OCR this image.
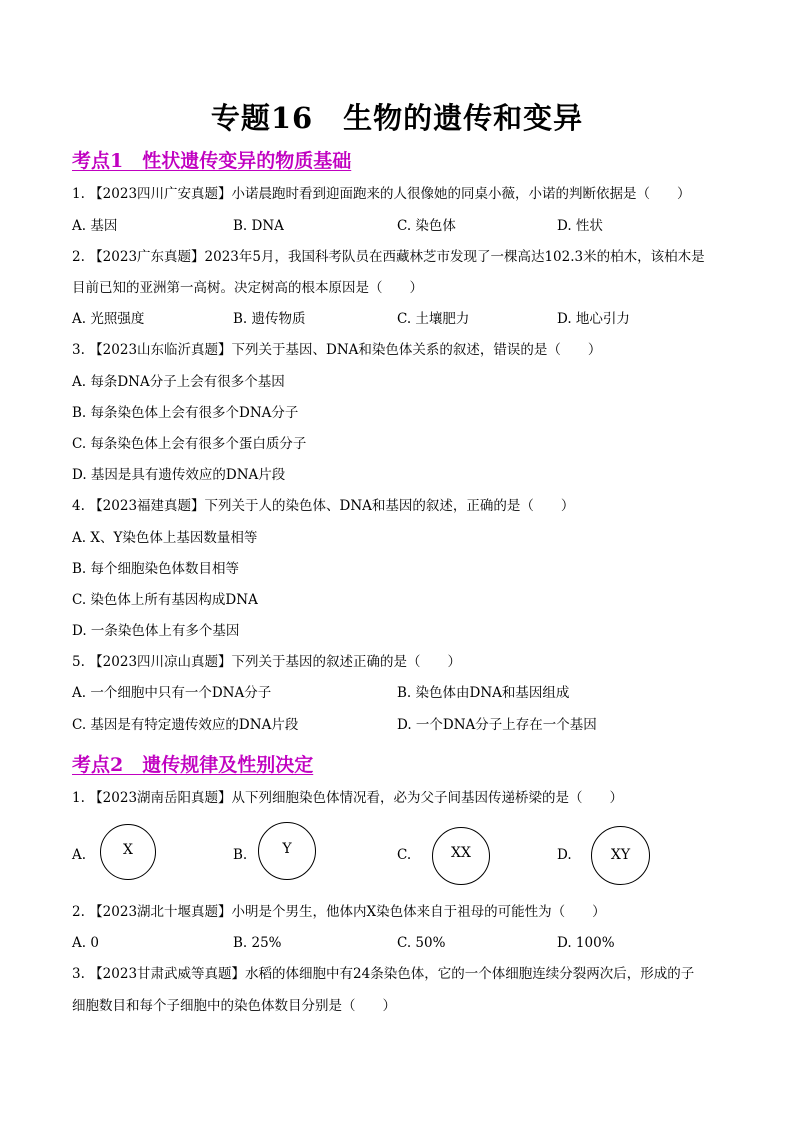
专题16　生物的遗传和变异
考点1　性状遗传变异的物质基础
1. 【2023四川广安真题】小诺晨跑时看到迎面跑来的人很像她的同桌小薇，小诺的判断依据是（　　）
A. 基因	B. DNA	C. 染色体	D. 性状
2. 【2023广东真题】2023年5月，我国科考队员在西藏林芝市发现了一棵高达102.3米的柏木，该柏木是
目前已知的亚洲第一高树。决定树高的根本原因是（　　）
A. 光照强度	B. 遗传物质	C. 土壤肥力	D. 地心引力
3. 【2023山东临沂真题】下列关于基因、DNA和染色体关系的叙述，错误的是（　　）
A. 每条DNA分子上会有很多个基因
B. 每条染色体上会有很多个DNA分子
C. 每条染色体上会有很多个蛋白质分子
D. 基因是具有遗传效应的DNA片段
4. 【2023福建真题】下列关于人的染色体、DNA和基因的叙述，正确的是（　　）
A. X、Y染色体上基因数量相等
B. 每个细胞染色体数目相等
C. 染色体上所有基因构成DNA
D. 一条染色体上有多个基因
5. 【2023四川凉山真题】下列关于基因的叙述正确的是（　　）
A. 一个细胞中只有一个DNA分子	B. 染色体由DNA和基因组成
C. 基因是有特定遗传效应的DNA片段	D. 一个DNA分子上存在一个基因
考点2　遗传规律及性别决定
1. 【2023湖南岳阳真题】从下列细胞染色体情况看，必为父子间基因传递桥梁的是（　　）
A.	X	B.	Y	C.	XX	D.	XY
2. 【2023湖北十堰真题】小明是个男生，他体内X染色体来自于祖母的可能性为（　　）
A. 0	B. 25%	C. 50%	D. 100%
3. 【2023甘肃武威等真题】水稻的体细胞中有24条染色体，它的一个体细胞连续分裂两次后，形成的子
细胞数目和每个子细胞中的染色体数目分别是（　　）
